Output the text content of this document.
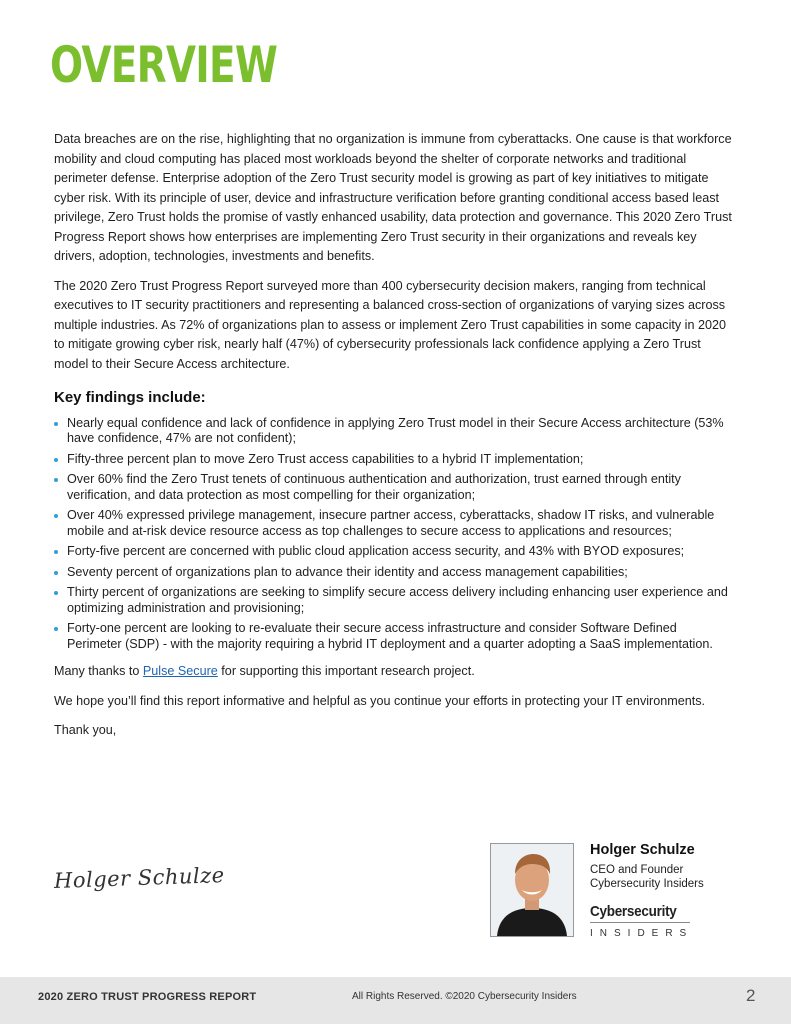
OVERVIEW

Data breaches are on the rise, highlighting that no organization is immune from cyberattacks. One cause is that workforce mobility and cloud computing has placed most workloads beyond the shelter of corporate networks and traditional perimeter defense. Enterprise adoption of the Zero Trust security model is growing as part of key initiatives to mitigate cyber risk. With its principle of user, device and infrastructure verification before granting conditional access based least privilege, Zero Trust holds the promise of vastly enhanced usability, data protection and governance. This 2020 Zero Trust Progress Report shows how enterprises are implementing Zero Trust security in their organizations and reveals key drivers, adoption, technologies, investments and benefits.

The 2020 Zero Trust Progress Report surveyed more than 400 cybersecurity decision makers, ranging from technical executives to IT security practitioners and representing a balanced cross-section of organizations of varying sizes across multiple industries. As 72% of organizations plan to assess or implement Zero Trust capabilities in some capacity in 2020 to mitigate growing cyber risk, nearly half (47%) of cybersecurity professionals lack confidence applying a Zero Trust model to their Secure Access architecture.

Key findings include:
Nearly equal confidence and lack of confidence in applying Zero Trust model in their Secure Access architecture (53% have confidence, 47% are not confident);
Fifty-three percent plan to move Zero Trust access capabilities to a hybrid IT implementation;
Over 60% find the Zero Trust tenets of continuous authentication and authorization, trust earned through entity verification, and data protection as most compelling for their organization;
Over 40% expressed privilege management, insecure partner access, cyberattacks, shadow IT risks, and vulnerable mobile and at-risk device resource access as top challenges to secure access to applications and resources;
Forty-five percent are concerned with public cloud application access security, and 43% with BYOD exposures;
Seventy percent of organizations plan to advance their identity and access management capabilities;
Thirty percent of organizations are seeking to simplify secure access delivery including enhancing user experience and optimizing administration and provisioning;
Forty-one percent are looking to re-evaluate their secure access infrastructure and consider Software Defined Perimeter (SDP) - with the majority requiring a hybrid IT deployment and a quarter adopting a SaaS implementation.

Many thanks to Pulse Secure for supporting this important research project.

We hope you’ll find this report informative and helpful as you continue your efforts in protecting your IT environments.

Thank you,

Holger Schulze
Holger Schulze
CEO and Founder
Cybersecurity Insiders
Cybersecurity
INSIDERS
2020 ZERO TRUST PROGRESS REPORT	All Rights Reserved. ©2020 Cybersecurity Insiders	2
